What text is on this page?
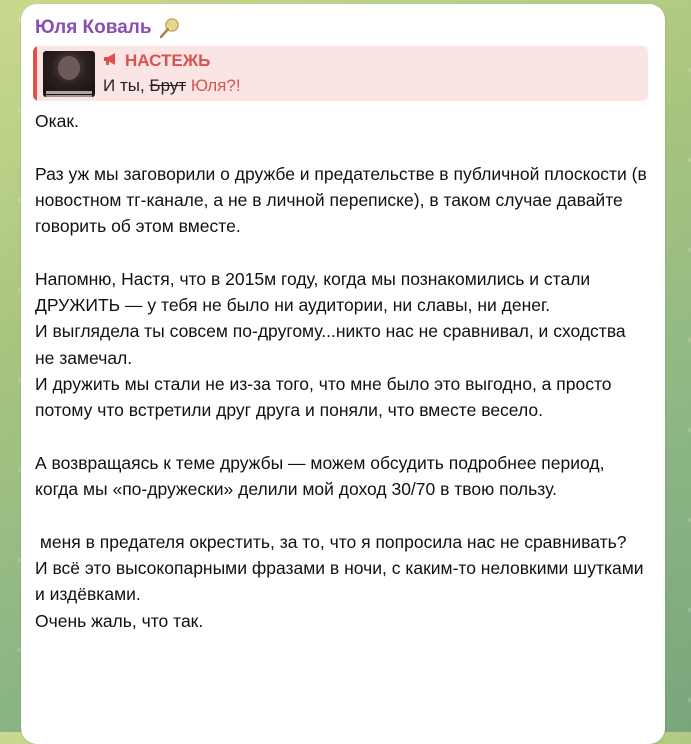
Юля Коваль
НАСТЕЖЬ
И ты, Брут Юля?!

Окак.

Раз уж мы заговорили о дружбе и предательстве в публичной плоскости (в новостном тг-канале, а не в личной переписке), в таком случае давайте говорить об этом вместе.

Напомню, Настя, что в 2015м году, когда мы познакомились и стали ДРУЖИТЬ — у тебя не было ни аудитории, ни славы, ни денег.

И выглядела ты совсем по-другому...никто нас не сравнивал, и сходства не замечал.

И дружить мы стали не из-за того, что мне было это выгодно, а просто потому что встретили друг друга и поняли, что вместе весело.

А возвращаясь к теме дружбы — можем обсудить подробнее период, когда мы «по-дружески» делили мой доход 30/70 в твою пользу.

меня в предателя окрестить, за то, что я попросила нас не сравнивать?

И всё это высокопарными фразами в ночи, с каким-то неловкими шутками и издёвками.

Очень жаль, что так.
